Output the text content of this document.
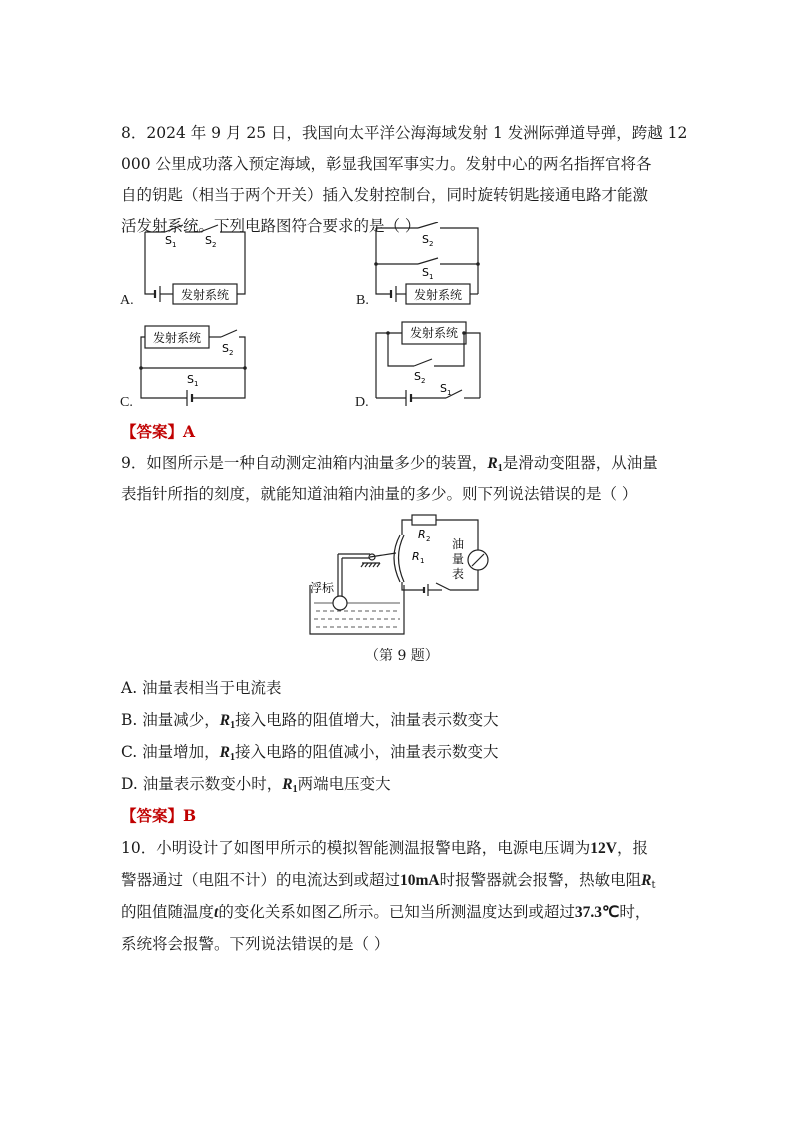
8．2024 年 9 月 25 日，我国向太平洋公海海域发射 1 发洲际弹道导弹，跨越 12
000 公里成功落入预定海域，彰显我国军事实力。发射中心的两名指挥官将各
自的钥匙（相当于两个开关）插入发射控制台，同时旋转钥匙接通电路才能激
活发射系统。下列电路图符合要求的是（ ）
A.	发射系统
S 1	S 2
B.	发射系统
S 2
S 1
C.
发射系统
S 2
S 1
D.
发射系统
S 2
S 1
【答案】A
9．如图所示是一种自动测定油箱内油量多少的装置，$R_1$是滑动变阻器，从油量
表指针所指的刻度，就能知道油箱内油量的多少。则下列说法错误的是（ ）
浮标
R 1
R 2 油
量
表
（第 9 题）
A. 油量表相当于电流表
B. 油量减少，$R_1$接入电路的阻值增大，油量表示数变大
C. 油量增加，$R_1$接入电路的阻值减小，油量表示数变大
D. 油量表示数变小时，$R_1$两端电压变大
【答案】B
10．小明设计了如图甲所示的模拟智能测温报警电路，电源电压调为12V，报
警器通过（电阻不计）的电流达到或超过10mA时报警器就会报警，热敏电阻$R_t$
的阻值随温度t的变化关系如图乙所示。已知当所测温度达到或超过37.3℃时，
系统将会报警。下列说法错误的是（ ）
